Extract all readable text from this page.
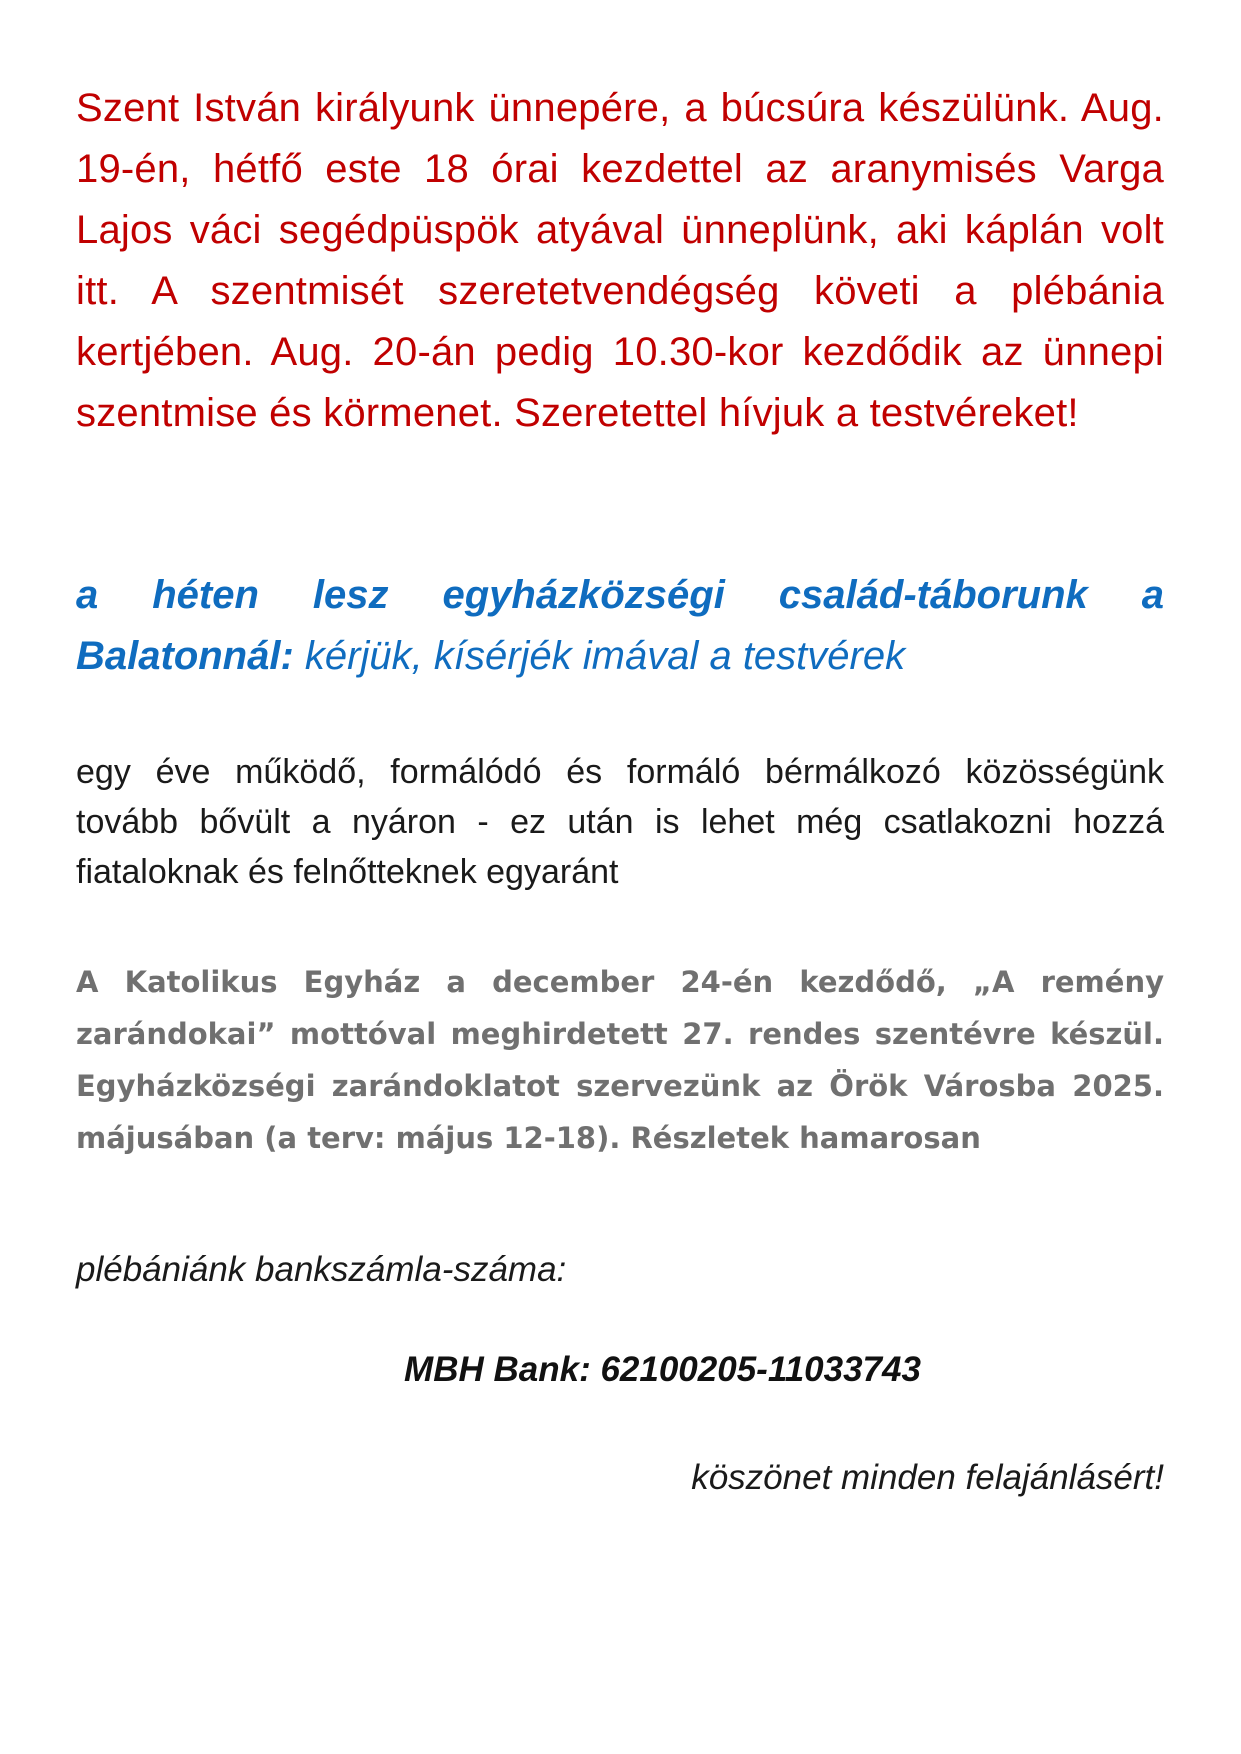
Szent István királyunk ünnepére, a búcsúra készülünk. Aug. 19-én, hétfő este 18 órai kezdettel az aranymisés Varga Lajos váci segédpüspök atyával ünneplünk, aki káplán volt itt. A szentmisét szeretetvendégség követi a plébánia kertjében. Aug. 20-án pedig 10.30-kor kezdődik az ünnepi szentmise és körmenet. Szeretettel hívjuk a testvéreket!

a héten lesz egyházközségi család-táborunk a Balatonnál: kérjük, kísérjék imával a testvérek

egy éve működő, formálódó és formáló bérmálkozó közösségünk tovább bővült a nyáron - ez után is lehet még csatlakozni hozzá fiataloknak és felnőtteknek egyaránt

A Katolikus Egyház a december 24-én kezdődő, „A remény zarándokai” mottóval meghirdetett 27. rendes szentévre készül. Egyházközségi zarándoklatot szervezünk az Örök Városba 2025. májusában (a terv: május 12-18). Részletek hamarosan

plébániánk bankszámla-száma:

MBH Bank: 62100205-11033743

köszönet minden felajánlásért!
